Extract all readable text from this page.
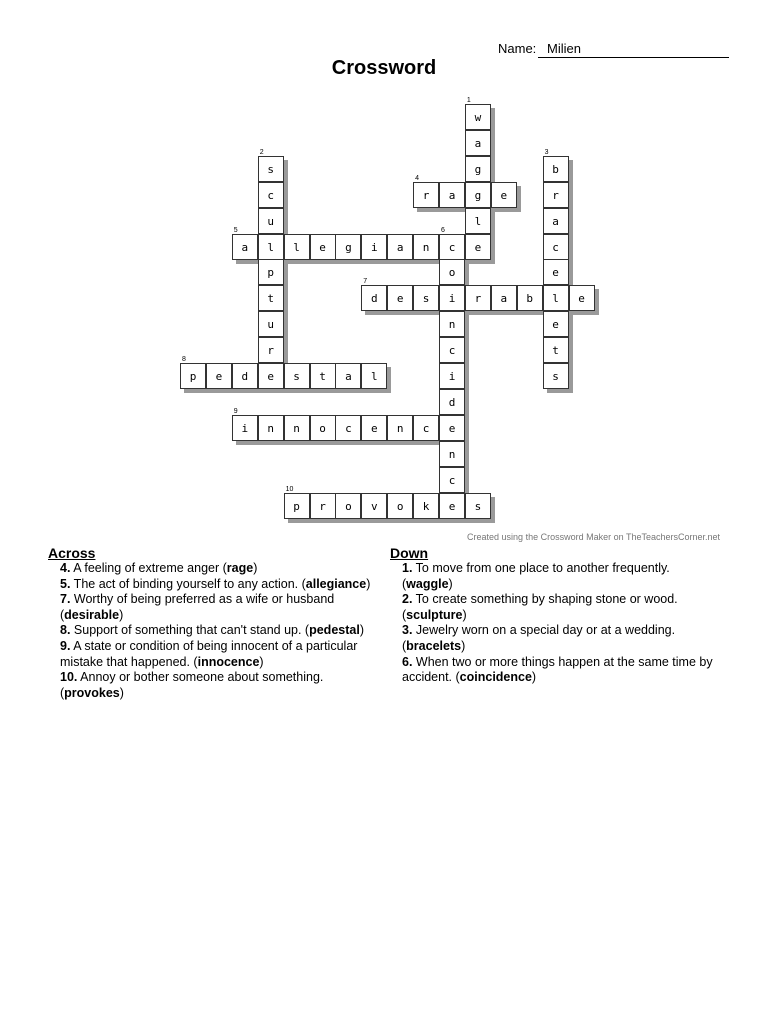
Name: Milien
Crossword
w
1
a
s
2
g	b
3
c	r
4
a	g	e	r
u	l	a
a
5
l	l	e	g	i	a	n	c
6
e	c
p	o	e
t	d
7
e	s	i	r	a	b	l	e
u	n	e
r	c	t
p
8
e	d	e	s	t	a	l	i	s
d
i
9
n	n	o	c	e	n	c	e
n
c
p
10
r	o	v	o	k	e	s
Created using the Crossword Maker on TheTeachersCorner.net
Across
4. A feeling of extreme anger (rage)
5. The act of binding yourself to any action. (allegiance)
7. Worthy of being preferred as a wife or husband (desirable)
8. Support of something that can't stand up. (pedestal)
9. A state or condition of being innocent of a particular mistake that happened. (innocence)
10. Annoy or bother someone about something. (provokes)
Down
1. To move from one place to another frequently. (waggle)
2. To create something by shaping stone or wood. (sculpture)
3. Jewelry worn on a special day or at a wedding. (bracelets)
6. When two or more things happen at the same time by accident. (coincidence)
